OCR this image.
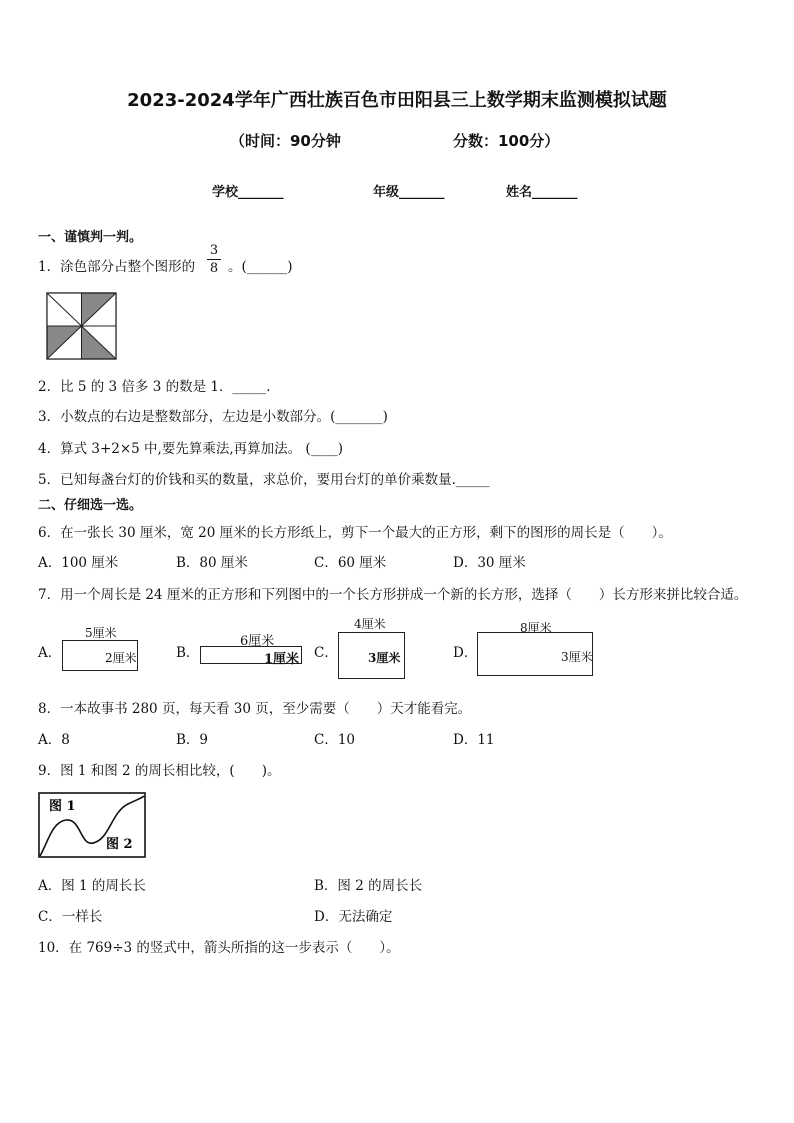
2023-2024学年广西壮族百色市田阳县三上数学期末监测模拟试题
（时间：90分钟	分数：100分）
学校_______	年级_______	姓名_______
一、谨慎判一判。
1．涂色部分占整个图形的
3
8 。(______)
2．比 5 的 3 倍多 3 的数是 1．_____．
3．小数点的右边是整数部分，左边是小数部分。(_______)
4．算式 3+2×5 中,要先算乘法,再算加法。 (____)
5．已知每盏台灯的价钱和买的数量，求总价，要用台灯的单价乘数量._____
二、仔细选一选。
6．在一张长 30 厘米，宽 20 厘米的长方形纸上，剪下一个最大的正方形，剩下的图形的周长是（　　）。
A．100 厘米	B．80 厘米	C．60 厘米	D．30 厘米
7．用一个周长是 24 厘米的正方形和下列图中的一个长方形拼成一个新的长方形，选择（　　）长方形来拼比较合适。
A．
5厘米
2厘米	B．
6厘米
1厘米 C．
4厘米
3厘米	D．
8厘米
3厘米
8．一本故事书 280 页，每天看 30 页，至少需要（　　）天才能看完。
A．8	B．9	C．10	D．11
9．图 1 和图 2 的周长相比较，(　　)。
图 1
图 2
A．图 1 的周长长	B．图 2 的周长长
C．一样长	D．无法确定
10．在 769÷3 的竖式中，箭头所指的这一步表示（　　）。
